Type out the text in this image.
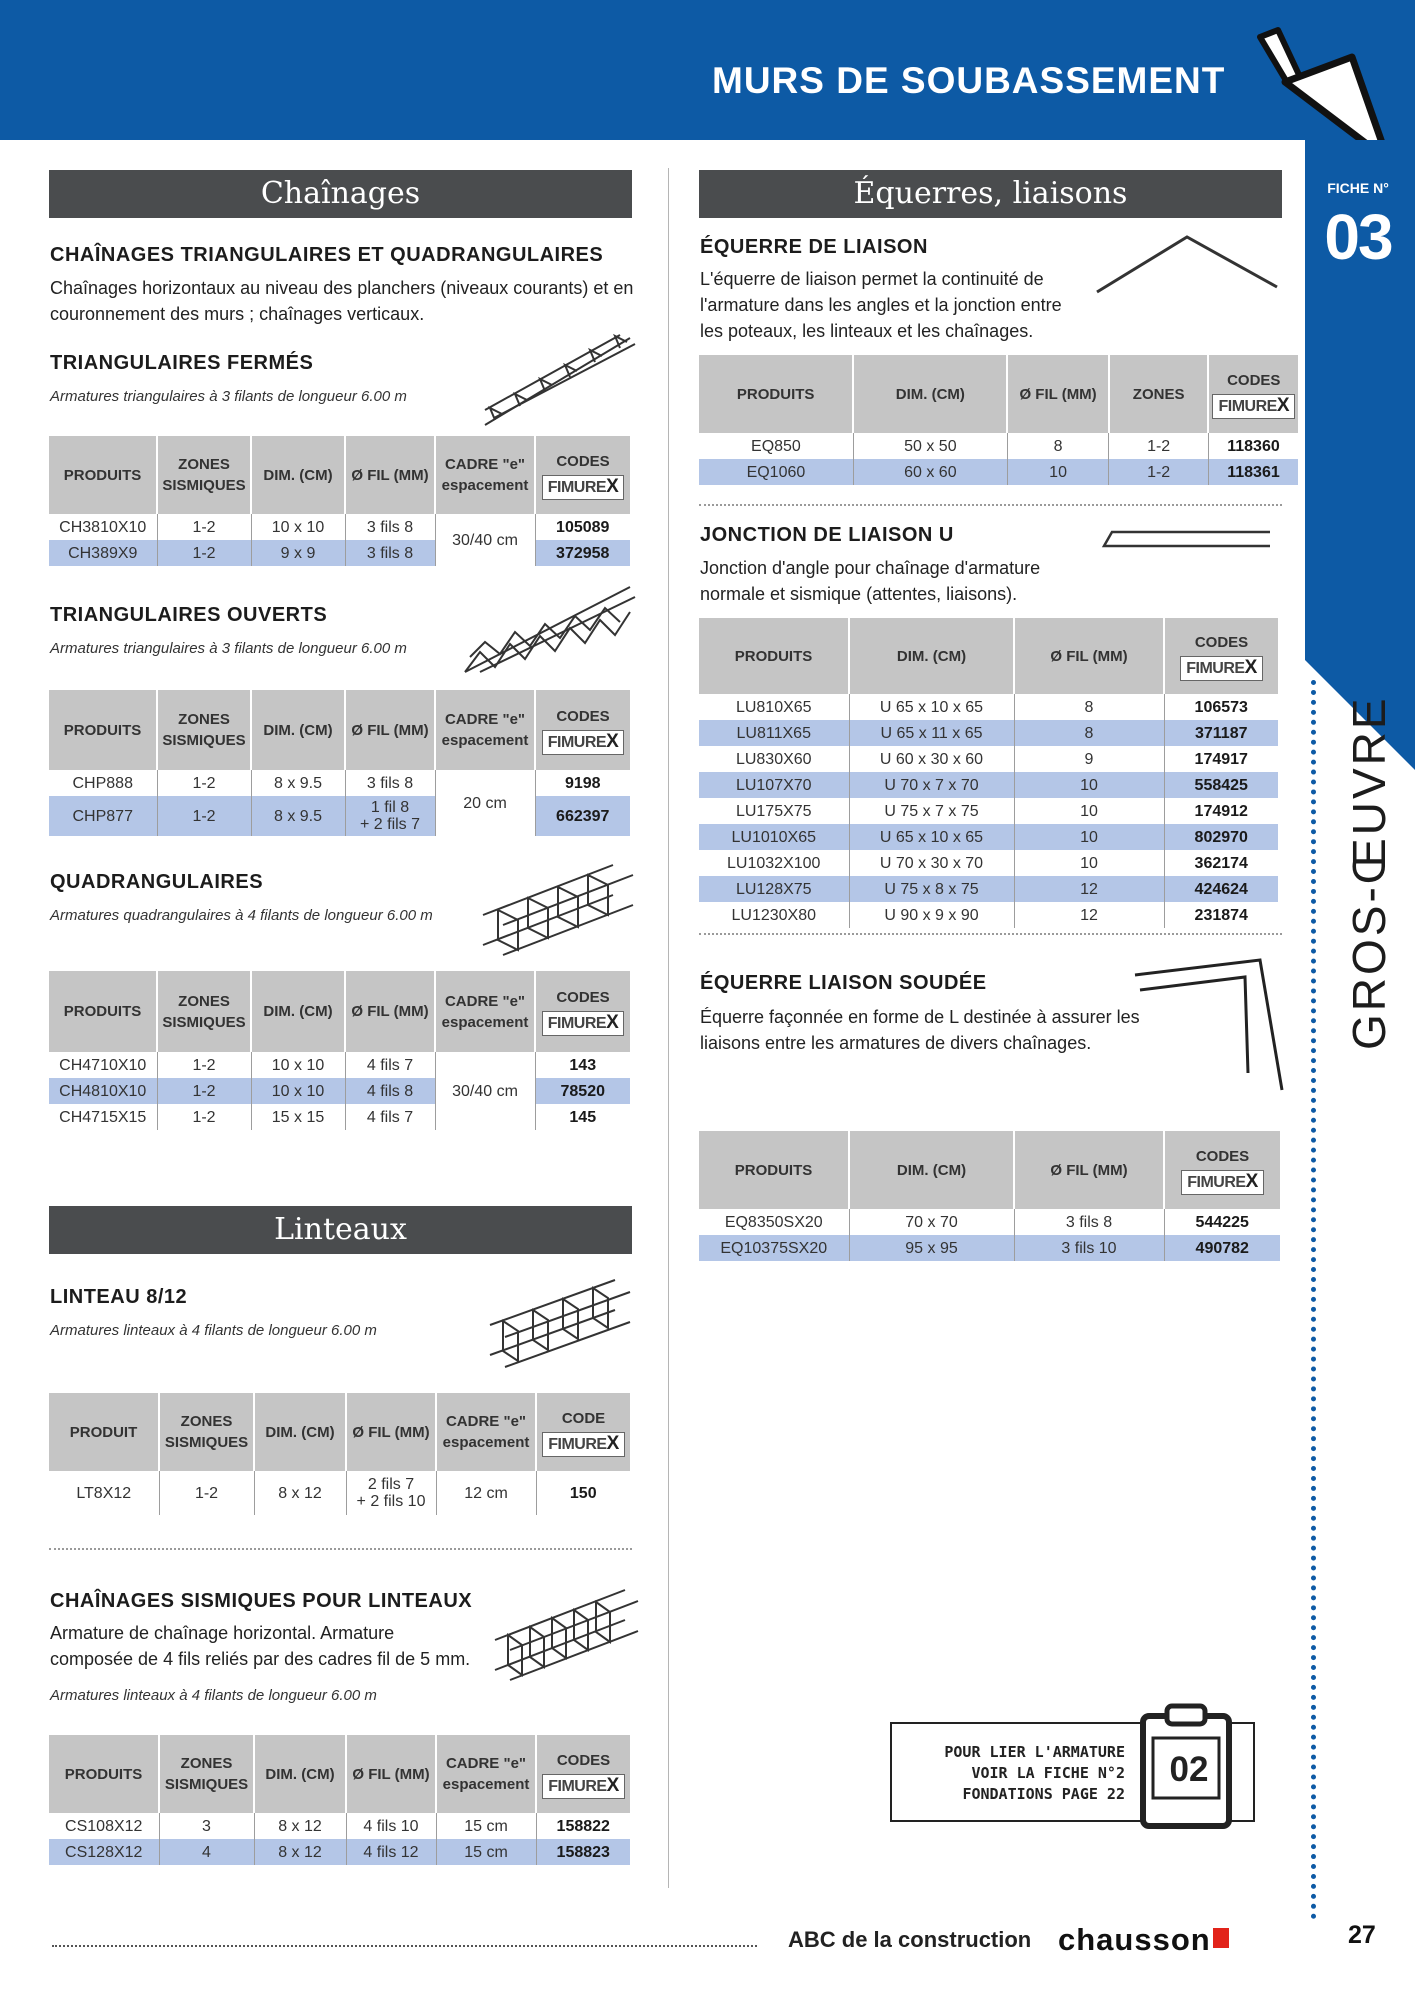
MURS DE SOUBASSEMENT
FICHE N°
03
GROS-ŒUVRE
Chaînages
CHAÎNAGES TRIANGULAIRES ET QUADRANGULAIRES
Chaînages horizontaux au niveau des planchers (niveaux courants) et en couronnement des murs ; chaînages verticaux.
TRIANGULAIRES FERMÉS
Armatures triangulaires à 3 filants de longueur 6.00 m
PRODUITS	ZONES SISMIQUES	DIM. (CM)	Ø FIL (MM)	CADRE "e" espacement	CODES
FIMUREX
CH3810X10	1-2	10 x 10	3 fils 8	30/40 cm	105089
CH389X9	1-2	9 x 9	3 fils 8		372958
TRIANGULAIRES OUVERTS
Armatures triangulaires à 3 filants de longueur 6.00 m
PRODUITS	ZONES SISMIQUES	DIM. (CM)	Ø FIL (MM)	CADRE "e" espacement	CODES
FIMUREX
CHP888	1-2	8 x 9.5	3 fils 8	20 cm	9198
CHP877	1-2	8 x 9.5	1 fil 8
+ 2 fils 7		662397
QUADRANGULAIRES
Armatures quadrangulaires à 4 filants de longueur 6.00 m
PRODUITS	ZONES SISMIQUES	DIM. (CM)	Ø FIL (MM)	CADRE "e" espacement	CODES
FIMUREX
CH4710X10	1-2	10 x 10	4 fils 7	30/40 cm	143
CH4810X10	1-2	10 x 10	4 fils 8		78520
CH4715X15	1-2	15 x 15	4 fils 7		145
Linteaux
LINTEAU 8/12
Armatures linteaux à 4 filants de longueur 6.00 m
PRODUIT	ZONES SISMIQUES	DIM. (CM)	Ø FIL (MM)	CADRE "e" espacement	CODE
FIMUREX
LT8X12	1-2	8 x 12	2 fils 7
+ 2 fils 10	12 cm	150
CHAÎNAGES SISMIQUES POUR LINTEAUX
Armature de chaînage horizontal. Armature composée de 4 fils reliés par des cadres fil de 5 mm.
Armatures linteaux à 4 filants de longueur 6.00 m
PRODUITS	ZONES SISMIQUES	DIM. (CM)	Ø FIL (MM)	CADRE "e" espacement	CODES
FIMUREX
CS108X12	3	8 x 12	4 fils 10	15 cm	158822
CS128X12	4	8 x 12	4 fils 12	15 cm	158823
Équerres, liaisons
ÉQUERRE DE LIAISON
L'équerre de liaison permet la continuité de l'armature dans les angles et la jonction entre les poteaux, les linteaux et les chaînages.
PRODUITS	DIM. (CM)	Ø FIL (MM)	ZONES	CODES
FIMUREX
EQ850	50 x 50	8	1-2	118360
EQ1060	60 x 60	10	1-2	118361
JONCTION DE LIAISON U
Jonction d'angle pour chaînage d'armature normale et sismique (attentes, liaisons).
PRODUITS	DIM. (CM)	Ø FIL (MM)	CODES
FIMUREX
LU810X65	U 65 x 10 x 65	8	106573
LU811X65	U 65 x 11 x 65	8	371187
LU830X60	U 60 x 30 x 60	9	174917
LU107X70	U 70 x 7 x 70	10	558425
LU175X75	U 75 x 7 x 75	10	174912
LU1010X65	U 65 x 10 x 65	10	802970
LU1032X100	U 70 x 30 x 70	10	362174
LU128X75	U 75 x 8 x 75	12	424624
LU1230X80	U 90 x 9 x 90	12	231874
ÉQUERRE LIAISON SOUDÉE
Équerre façonnée en forme de L destinée à assurer les liaisons entre les armatures de divers chaînages.
PRODUITS	DIM. (CM)	Ø FIL (MM)	CODES
FIMUREX
EQ8350SX20	70 x 70	3 fils 8	544225
EQ10375SX20	95 x 95	3 fils 10	490782
POUR LIER L'ARMATURE
VOIR LA FICHE N°2
FONDATIONS PAGE 22
02
ABC de la construction chausson	27
